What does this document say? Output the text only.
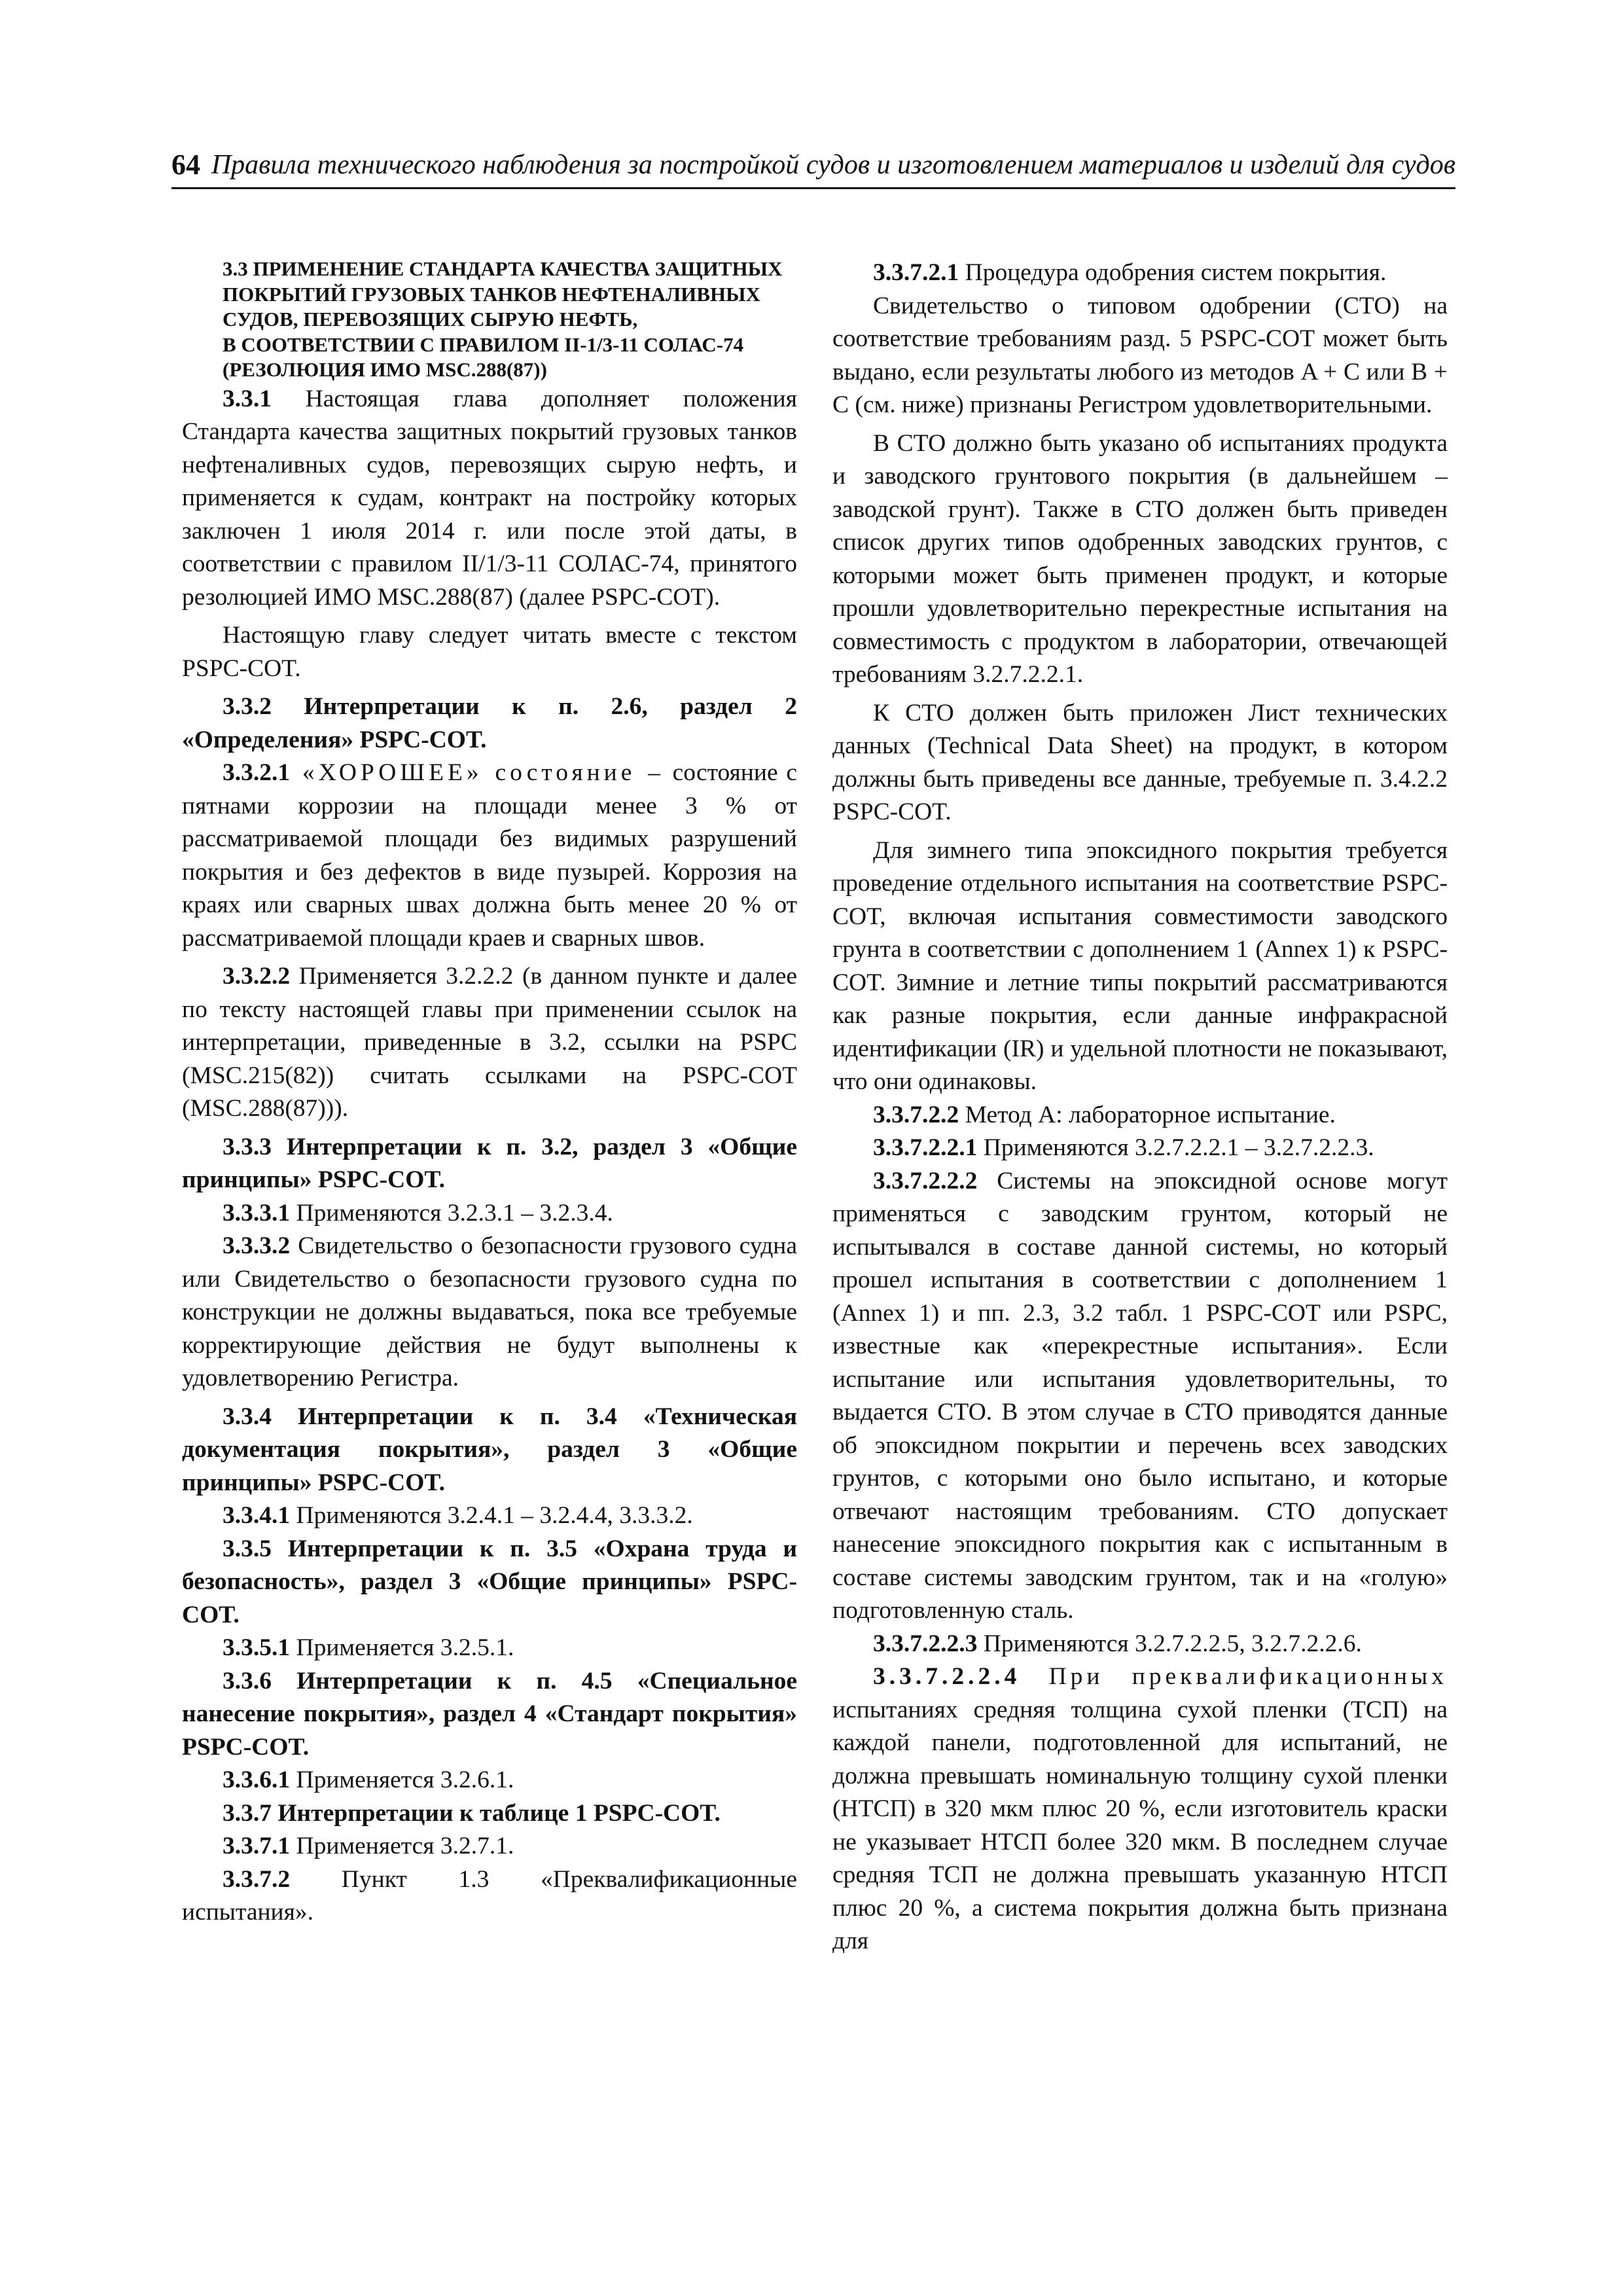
64 Правила технического наблюдения за постройкой судов и изготовлением материалов и изделий для судов

3.3 ПРИМЕНЕНИЕ СТАНДАРТА КАЧЕСТВА ЗАЩИТНЫХ
ПОКРЫТИЙ ГРУЗОВЫХ ТАНКОВ НЕФТЕНАЛИВНЫХ
СУДОВ, ПЕРЕВОЗЯЩИХ СЫРУЮ НЕФТЬ,
В СООТВЕТСТВИИ С ПРАВИЛОМ II-1/3-11 СОЛАС-74
(РЕЗОЛЮЦИЯ ИМО MSC.288(87))

3.3.1 Настоящая глава дополняет положения Стандарта качества защитных покрытий грузовых танков нефтеналивных судов, перевозящих сырую нефть, и применяется к судам, контракт на постройку которых заключен 1 июля 2014 г. или после этой даты, в соответствии с правилом II/1/3-11 СОЛАС-74, принятого резолюцией ИМО MSC.288(87) (далее PSPC-COT).

Настоящую главу следует читать вместе с текстом PSPC-COT.

3.3.2 Интерпретации к п. 2.6, раздел 2 «Определения» PSPC-COT.

3.3.2.1 «ХОРОШЕЕ» состояние – состояние с пятнами коррозии на площади менее 3 % от рассматриваемой площади без видимых разрушений покрытия и без дефектов в виде пузырей. Коррозия на краях или сварных швах должна быть менее 20 % от рассматриваемой площади краев и сварных швов.

3.3.2.2 Применяется 3.2.2.2 (в данном пункте и далее по тексту настоящей главы при применении ссылок на интерпретации, приведенные в 3.2, ссылки на PSPC (MSC.215(82)) считать ссылками на PSPC-COT (MSC.288(87))).

3.3.3 Интерпретации к п. 3.2, раздел 3 «Общие принципы» PSPC-COT.

3.3.3.1 Применяются 3.2.3.1 – 3.2.3.4.

3.3.3.2 Свидетельство о безопасности грузового судна или Свидетельство о безопасности грузового судна по конструкции не должны выдаваться, пока все требуемые корректирующие действия не будут выполнены к удовлетворению Регистра.

3.3.4 Интерпретации к п. 3.4 «Техническая документация покрытия», раздел 3 «Общие принципы» PSPC-COT.

3.3.4.1 Применяются 3.2.4.1 – 3.2.4.4, 3.3.3.2.

3.3.5 Интерпретации к п. 3.5 «Охрана труда и безопасность», раздел 3 «Общие принципы» PSPC-COT.

3.3.5.1 Применяется 3.2.5.1.

3.3.6 Интерпретации к п. 4.5 «Специальное нанесение покрытия», раздел 4 «Стандарт покрытия» PSPC-COT.

3.3.6.1 Применяется 3.2.6.1.

3.3.7 Интерпретации к таблице 1 PSPC-COT.

3.3.7.1 Применяется 3.2.7.1.

3.3.7.2 Пункт 1.3 «Преквалификационные испытания».

3.3.7.2.1 Процедура одобрения систем покрытия.

Свидетельство о типовом одобрении (СТО) на соответствие требованиям разд. 5 PSPC-COT может быть выдано, если результаты любого из методов A + C или B + C (см. ниже) признаны Регистром удовлетворительными.

В СТО должно быть указано об испытаниях продукта и заводского грунтового покрытия (в дальнейшем – заводской грунт). Также в СТО должен быть приведен список других типов одобренных заводских грунтов, с которыми может быть применен продукт, и которые прошли удовлетворительно перекрестные испытания на совместимость с продуктом в лаборатории, отвечающей требованиям 3.2.7.2.2.1.

К СТО должен быть приложен Лист технических данных (Technical Data Sheet) на продукт, в котором должны быть приведены все данные, требуемые п. 3.4.2.2 PSPC-COT.

Для зимнего типа эпоксидного покрытия требуется проведение отдельного испытания на соответствие PSPC-COT, включая испытания совместимости заводского грунта в соответствии с дополнением 1 (Annex 1) к PSPC-COT. Зимние и летние типы покрытий рассматриваются как разные покрытия, если данные инфракрасной идентификации (IR) и удельной плотности не показывают, что они одинаковы.

3.3.7.2.2 Метод A: лабораторное испытание.

3.3.7.2.2.1 Применяются 3.2.7.2.2.1 – 3.2.7.2.2.3.

3.3.7.2.2.2 Системы на эпоксидной основе могут применяться с заводским грунтом, который не испытывался в составе данной системы, но который прошел испытания в соответствии с дополнением 1 (Annex 1) и пп. 2.3, 3.2 табл. 1 PSPC-COT или PSPC, известные как «перекрестные испытания». Если испытание или испытания удовлетворительны, то выдается СТО. В этом случае в СТО приводятся данные об эпоксидном покрытии и перечень всех заводских грунтов, с которыми оно было испытано, и которые отвечают настоящим требованиям. СТО допускает нанесение эпоксидного покрытия как с испытанным в составе системы заводским грунтом, так и на «голую» подготовленную сталь.

3.3.7.2.2.3 Применяются 3.2.7.2.2.5, 3.2.7.2.2.6.

3.3.7.2.2.4 При преквалификационных испытаниях средняя толщина сухой пленки (ТСП) на каждой панели, подготовленной для испытаний, не должна превышать номинальную толщину сухой пленки (НТСП) в 320 мкм плюс 20 %, если изготовитель краски не указывает НТСП более 320 мкм. В последнем случае средняя ТСП не должна превышать указанную НТСП плюс 20 %, а система покрытия должна быть признана для
